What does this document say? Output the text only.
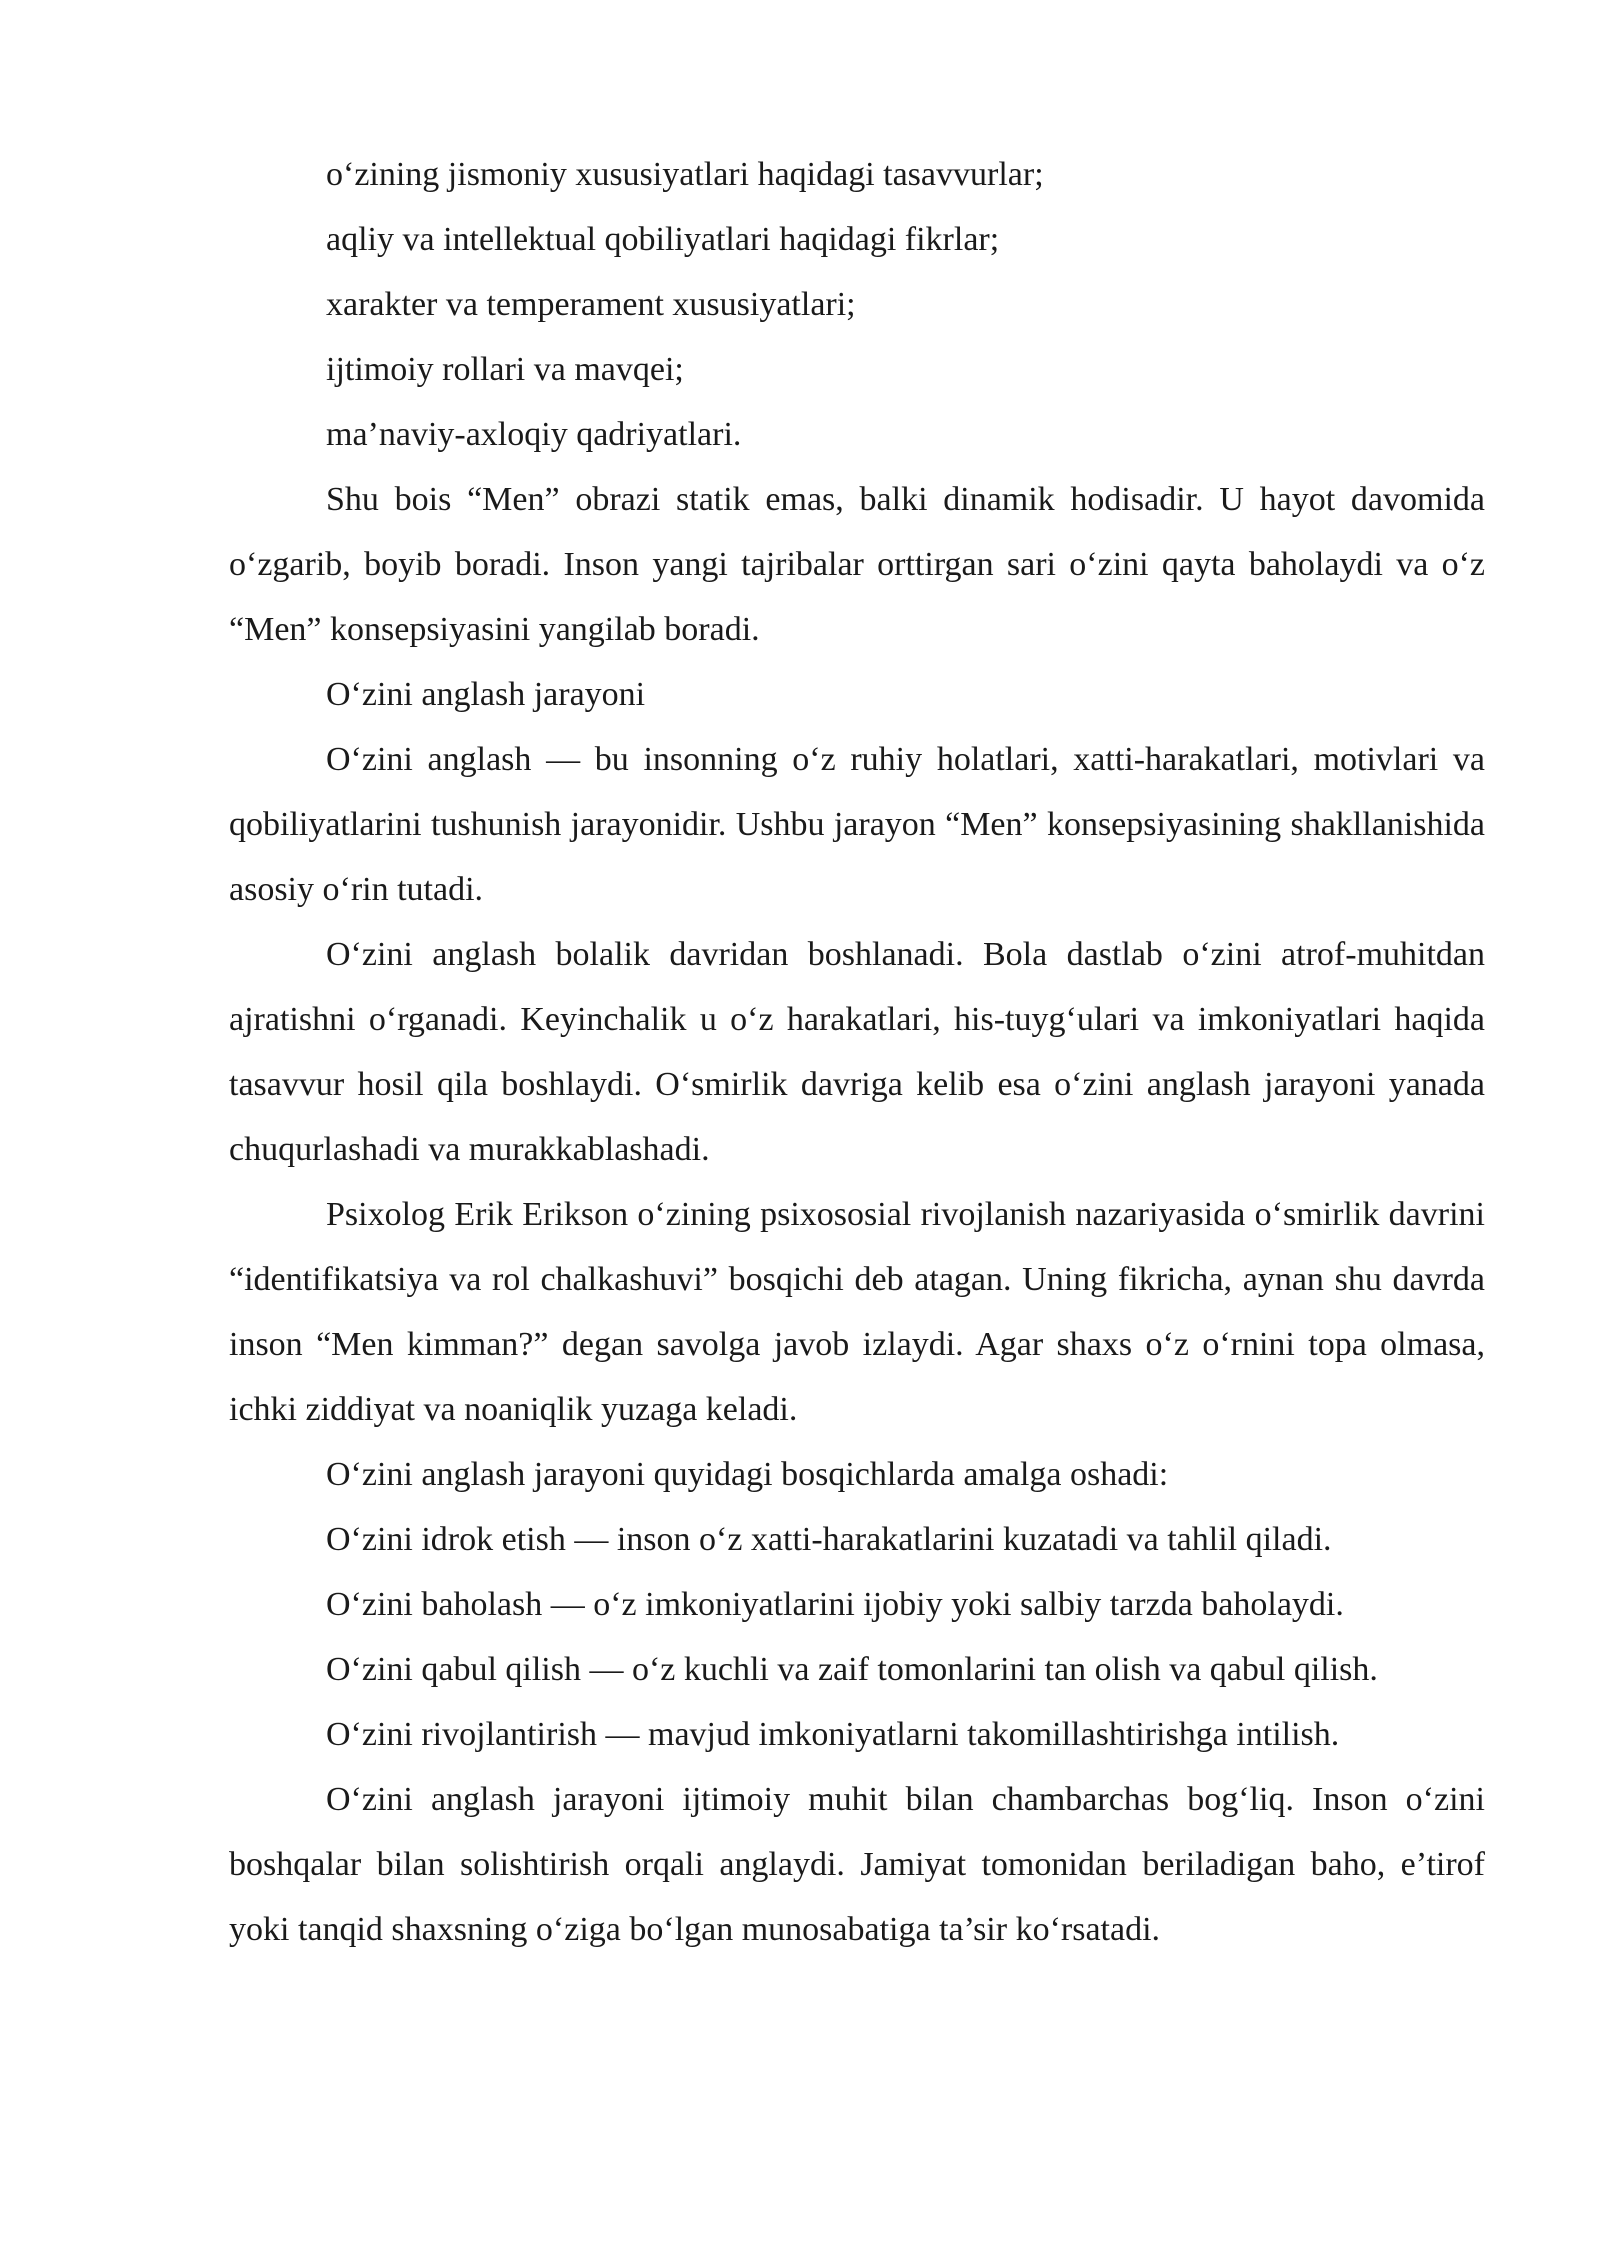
o‘zining jismoniy xususiyatlari haqidagi tasavvurlar;

aqliy va intellektual qobiliyatlari haqidagi fikrlar;

xarakter va temperament xususiyatlari;

ijtimoiy rollari va mavqei;

ma’naviy-axloqiy qadriyatlari.

Shu bois “Men” obrazi statik emas, balki dinamik hodisadir. U hayot davomida o‘zgarib, boyib boradi. Inson yangi tajribalar orttirgan sari o‘zini qayta baholaydi va o‘z “Men” konsepsiyasini yangilab boradi.

O‘zini anglash jarayoni

O‘zini anglash — bu insonning o‘z ruhiy holatlari, xatti-harakatlari, motivlari va qobiliyatlarini tushunish jarayonidir. Ushbu jarayon “Men” konsepsiyasining shakllanishida asosiy o‘rin tutadi.

O‘zini anglash bolalik davridan boshlanadi. Bola dastlab o‘zini atrof-muhitdan ajratishni o‘rganadi. Keyinchalik u o‘z harakatlari, his-tuyg‘ulari va imkoniyatlari haqida tasavvur hosil qila boshlaydi. O‘smirlik davriga kelib esa o‘zini anglash jarayoni yanada chuqurlashadi va murakkablashadi.

Psixolog Erik Erikson o‘zining psixososial rivojlanish nazariyasida o‘smirlik davrini “identifikatsiya va rol chalkashuvi” bosqichi deb atagan. Uning fikricha, aynan shu davrda inson “Men kimman?” degan savolga javob izlaydi. Agar shaxs o‘z o‘rnini topa olmasa, ichki ziddiyat va noaniqlik yuzaga keladi.

O‘zini anglash jarayoni quyidagi bosqichlarda amalga oshadi:

O‘zini idrok etish — inson o‘z xatti-harakatlarini kuzatadi va tahlil qiladi.

O‘zini baholash — o‘z imkoniyatlarini ijobiy yoki salbiy tarzda baholaydi.

O‘zini qabul qilish — o‘z kuchli va zaif tomonlarini tan olish va qabul qilish.

O‘zini rivojlantirish — mavjud imkoniyatlarni takomillashtirishga intilish.

O‘zini anglash jarayoni ijtimoiy muhit bilan chambarchas bog‘liq. Inson o‘zini boshqalar bilan solishtirish orqali anglaydi. Jamiyat tomonidan beriladigan baho, e’tirof yoki tanqid shaxsning o‘ziga bo‘lgan munosabatiga ta’sir ko‘rsatadi.
